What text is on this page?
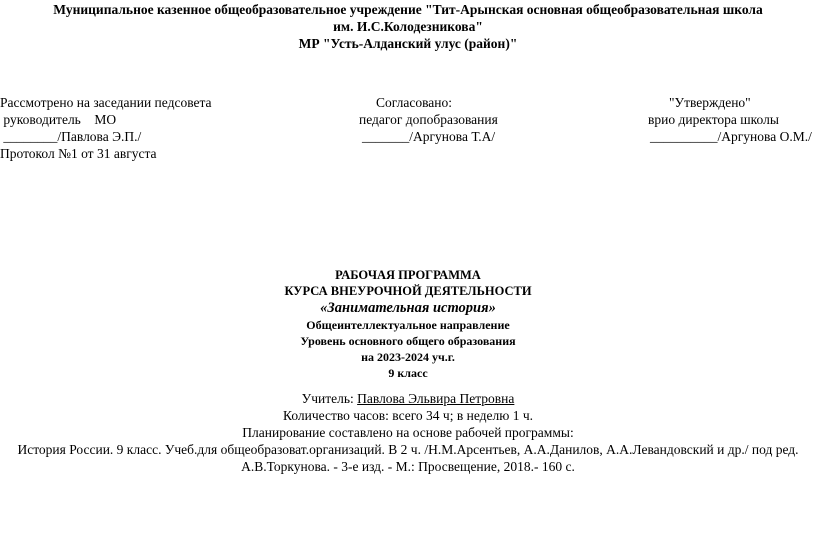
Муниципальное казенное общеобразовательное учреждение "Тит-Арынская основная общеобразовательная школа
им. И.С.Колодезникова"
МР "Усть-Алданский улус (район)"
Рассмотрено на заседании педсовета
руководитель    МО
________/Павлова Э.П./
Протокол №1 от 31 августа
Согласовано:
педагог допобразования
_______/Аргунова Т.А/
"Утверждено"
врио директора школы
__________/Аргунова О.М./
РАБОЧАЯ ПРОГРАММА
КУРСА ВНЕУРОЧНОЙ ДЕЯТЕЛЬНОСТИ
«Занимательная история»
Общеинтеллектуальное направление
Уровень основного общего образования
на 2023-2024 уч.г.
9 класс
Учитель: Павлова Эльвира Петровна
Количество часов: всего 34 ч; в неделю 1 ч.
Планирование составлено на основе рабочей программы:
История России. 9 класс. Учеб.для общеобразоват.организаций. В 2 ч. /Н.М.Арсентьев, А.А.Данилов, А.А.Левандовский и др./ под ред.
А.В.Торкунова. - 3-е изд. - М.: Просвещение, 2018.- 160 с.
